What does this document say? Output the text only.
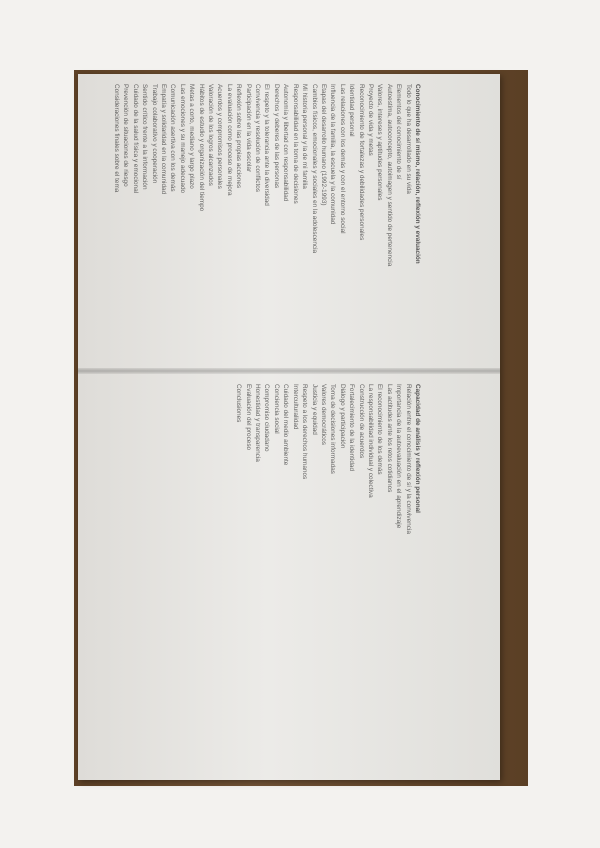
Conocimiento de sí mismo, relación, reflexión y evaluación

Todo lo que ha desarrollado en su vida

Elementos del conocimiento de sí

Autoestima, autoconcepto, autoimagen y sentido de pertenencia

Valores, intereses y aptitudes personales

Proyecto de vida y metas

Reconocimiento de fortalezas y debilidades personales

Identidad personal

Las relaciones con los demás y con el entorno social

Influencia de la familia, la escuela y la comunidad

Etapas del desarrollo humano (1992-1993)

Cambios físicos, emocionales y sociales en la adolescencia

Mi historia personal y la de mi familia

Responsabilidad en la toma de decisiones

Autonomía y libertad con responsabilidad

Derechos y deberes de las personas

El respeto y la tolerancia ante la diversidad

Convivencia y resolución de conflictos

Participación en la vida escolar

Reflexión sobre las propias acciones

La evaluación como proceso de mejora

Acuerdos y compromisos personales

Valoración de los logros alcanzados

Hábitos de estudio y organización del tiempo

Metas a corto, mediano y largo plazo

Las emociones y su manejo adecuado

Comunicación asertiva con los demás

Empatía y solidaridad en la comunidad

Trabajo colaborativo y cooperación

Sentido crítico frente a la información

Cuidado de la salud física y emocional

Prevención de situaciones de riesgo

Consideraciones finales sobre el tema

Capacidad de análisis y reflexión personal

Relación entre el conocimiento de sí y la convivencia

Importancia de la autoevaluación en el aprendizaje

Las actitudes ante los retos cotidianos

El reconocimiento de los demás

La responsabilidad individual y colectiva

Construcción de acuerdos

Fortalecimiento de la identidad

Diálogo y participación

Toma de decisiones informadas

Valores democráticos

Justicia y equidad

Respeto a los derechos humanos

Interculturalidad

Cuidado del medio ambiente

Conciencia social

Compromiso ciudadano

Honestidad y transparencia

Evaluación del proceso

Conclusiones
